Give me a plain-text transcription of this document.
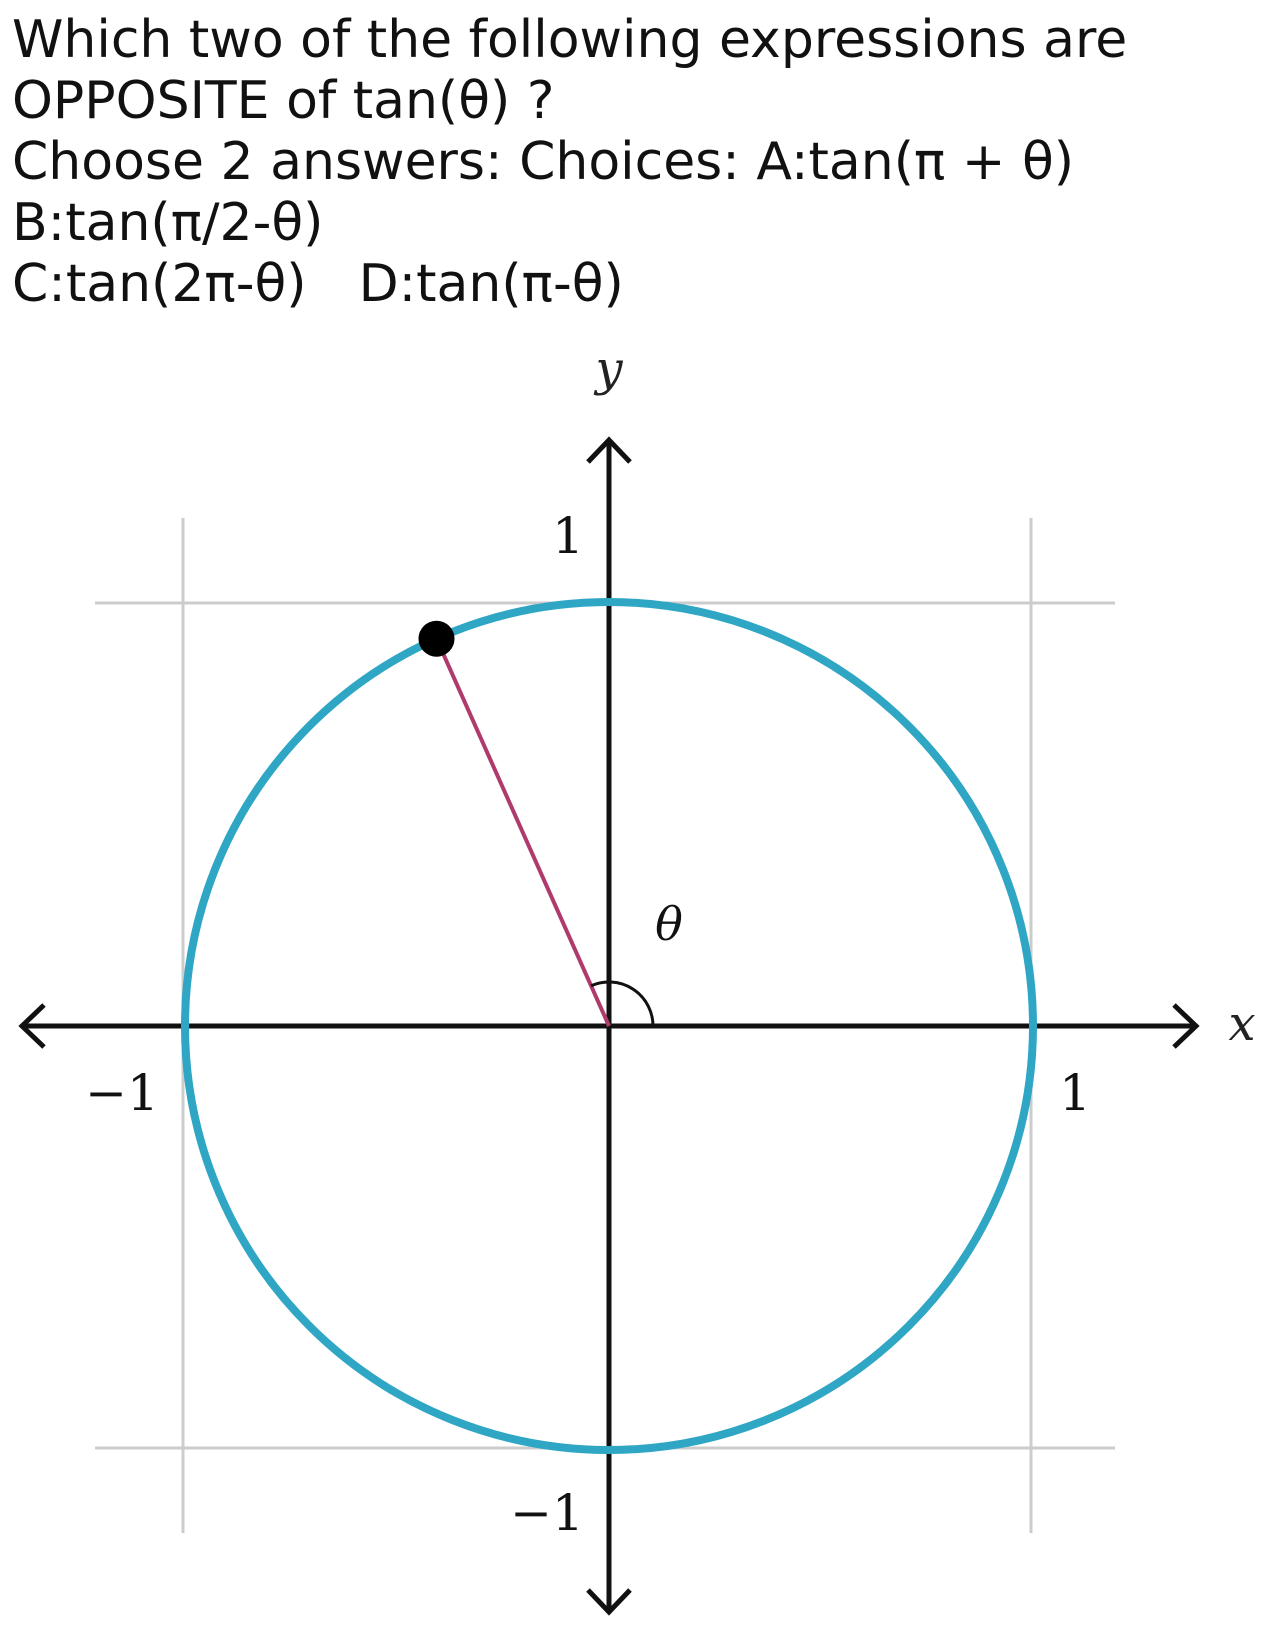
Which two of the following expressions are
OPPOSITE of tan(θ) ?
Choose 2 answers: Choices: A:tan(π + θ)
B:tan(π/2-θ)
C:tan(2π-θ) D:tan(π-θ)
θ
y
x
1
−1
−1	1
